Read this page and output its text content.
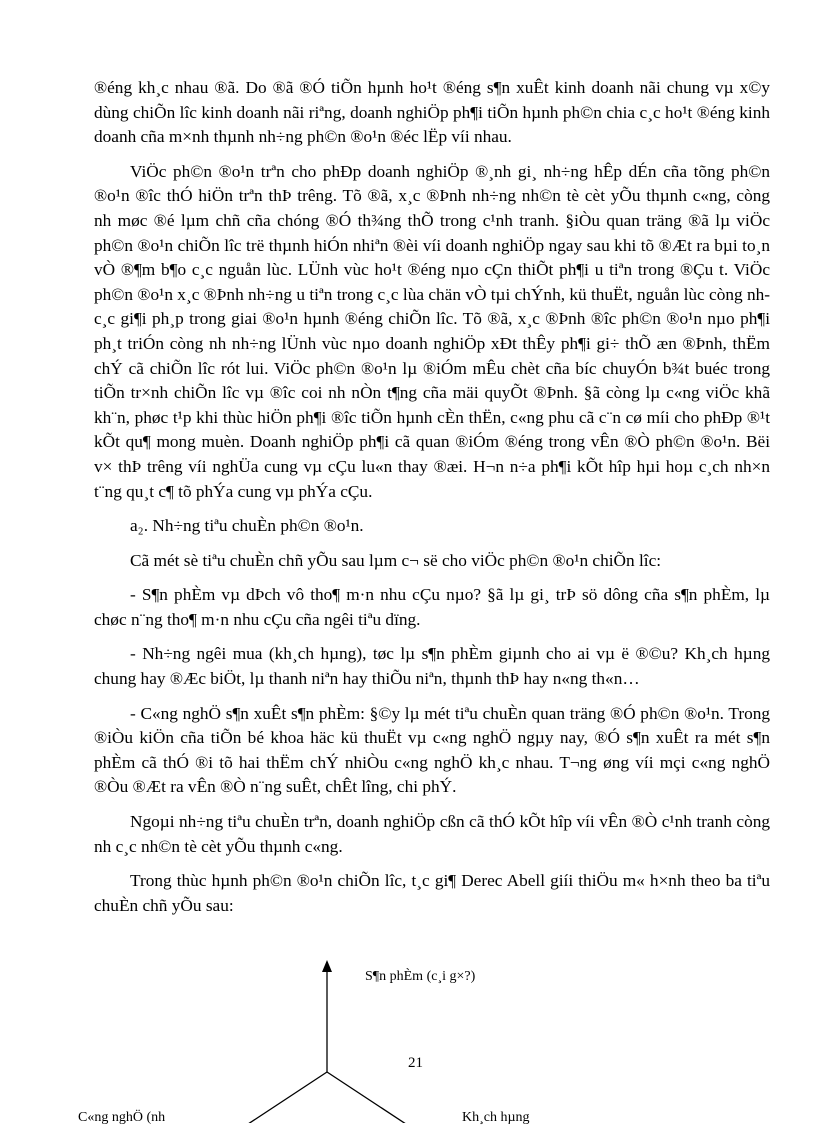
®éng kh¸c nhau ®ã. Do ®ã ®Ó tiÕn hµnh ho¹t ®éng s¶n xuÊt kinh doanh nãi chung vµ x©y dùng chiÕn lîc kinh doanh nãi riªng, doanh nghiÖp ph¶i tiÕn hµnh ph©n chia c¸c ho¹t ®éng kinh doanh cña m×nh thµnh nh÷ng ph©n ®o¹n ®éc lËp víi nhau.

ViÖc ph©n ®o¹n trªn cho phÐp doanh nghiÖp ®¸nh gi¸ nh÷ng hÊp dÉn cña tõng ph©n ®o¹n ®îc thÓ hiÖn trªn thÞ trêng. Tõ ®ã, x¸c ®Þnh nh÷ng nh©n tè cèt yÕu thµnh c«ng, còng nh møc ®é lµm chñ cña chóng ®Ó th¾ng thÕ trong c¹nh tranh. §iÒu quan träng ®ã lµ viÖc ph©n ®o¹n chiÕn lîc trë thµnh hiÓn nhiªn ®èi víi doanh nghiÖp ngay sau khi tõ ®Æt ra bµi to¸n vÒ ®¶m b¶o c¸c nguån lùc. LÜnh vùc ho¹t ®éng nµo cÇn thiÕt ph¶i u tiªn trong ®Çu t. ViÖc ph©n ®o¹n x¸c ®Þnh nh÷ng u tiªn trong c¸c lùa chän vÒ tµi chÝnh, kü thuËt, nguån lùc còng nh c¸c gi¶i ph¸p trong giai ®o¹n hµnh ®éng chiÕn lîc. Tõ ®ã, x¸c ®Þnh ®îc ph©n ®o¹n nµo ph¶i ph¸t triÓn còng nh nh÷ng lÜnh vùc nµo doanh nghiÖp xÐt thÊy ph¶i gi÷ thÕ æn ®Þnh, thËm chÝ cã chiÕn lîc rót lui. ViÖc ph©n ®o¹n lµ ®iÓm mÊu chèt cña bíc chuyÓn b¾t buéc trong tiÕn tr×nh chiÕn lîc vµ ®îc coi nh nÒn t¶ng cña mäi quyÕt ®Þnh. §ã còng lµ c«ng viÖc khã kh¨n, phøc t¹p khi thùc hiÖn ph¶i ®îc tiÕn hµnh cÈn thËn, c«ng phu cã c¨n cø míi cho phÐp ®¹t kÕt qu¶ mong muèn. Doanh nghiÖp ph¶i cã quan ®iÓm ®éng trong vÊn ®Ò ph©n ®o¹n. Bëi v× thÞ trêng víi nghÜa cung vµ cÇu lu«n thay ®æi. H¬n n÷a ph¶i kÕt hîp hµi hoµ c¸ch nh×n t¨ng qu¸t c¶ tõ phÝa cung vµ phÝa cÇu.

a₂. Nh÷ng tiªu chuÈn ph©n ®o¹n.

Cã mét sè tiªu chuÈn chñ yÕu sau lµm c¬ së cho viÖc ph©n ®o¹n chiÕn lîc:

- S¶n phÈm vµ dÞch vô tho¶ m·n nhu cÇu nµo? §ã lµ gi¸ trÞ sö dông cña s¶n phÈm, lµ chøc n¨ng tho¶ m·n nhu cÇu cña ngêi tiªu dïng.

- Nh÷ng ngêi mua (kh¸ch hµng), tøc lµ s¶n phÈm giµnh cho ai vµ ë ®©u? Kh¸ch hµng chung hay ®Æc biÖt, lµ thanh niªn hay thiÕu niªn, thµnh thÞ hay n«ng th«n…

- C«ng nghÖ s¶n xuÊt s¶n phÈm: §©y lµ mét tiªu chuÈn quan träng ®Ó ph©n ®o¹n. Trong ®iÒu kiÖn cña tiÕn bé khoa häc kü thuËt vµ c«ng nghÖ ngµy nay, ®Ó s¶n xuÊt ra mét s¶n phÈm cã thÓ ®i tõ hai thËm chÝ nhiÒu c«ng nghÖ kh¸c nhau. T¬ng øng víi mçi c«ng nghÖ ®Òu ®Æt ra vÊn ®Ò n¨ng suÊt, chÊt lîng, chi phÝ.

Ngoµi nh÷ng tiªu chuÈn trªn, doanh nghiÖp cßn cã thÓ kÕt hîp víi vÊn ®Ò c¹nh tranh còng nh c¸c nh©n tè cèt yÕu thµnh c«ng.

Trong thùc hµnh ph©n ®o¹n chiÕn lîc, t¸c gi¶ Derec Abell giíi thiÖu m« h×nh theo ba tiªu chuÈn chñ yÕu sau:

S¶n phÈm (c¸i g×?)
C«ng nghÖ (nh	Kh¸ch hµng
21
